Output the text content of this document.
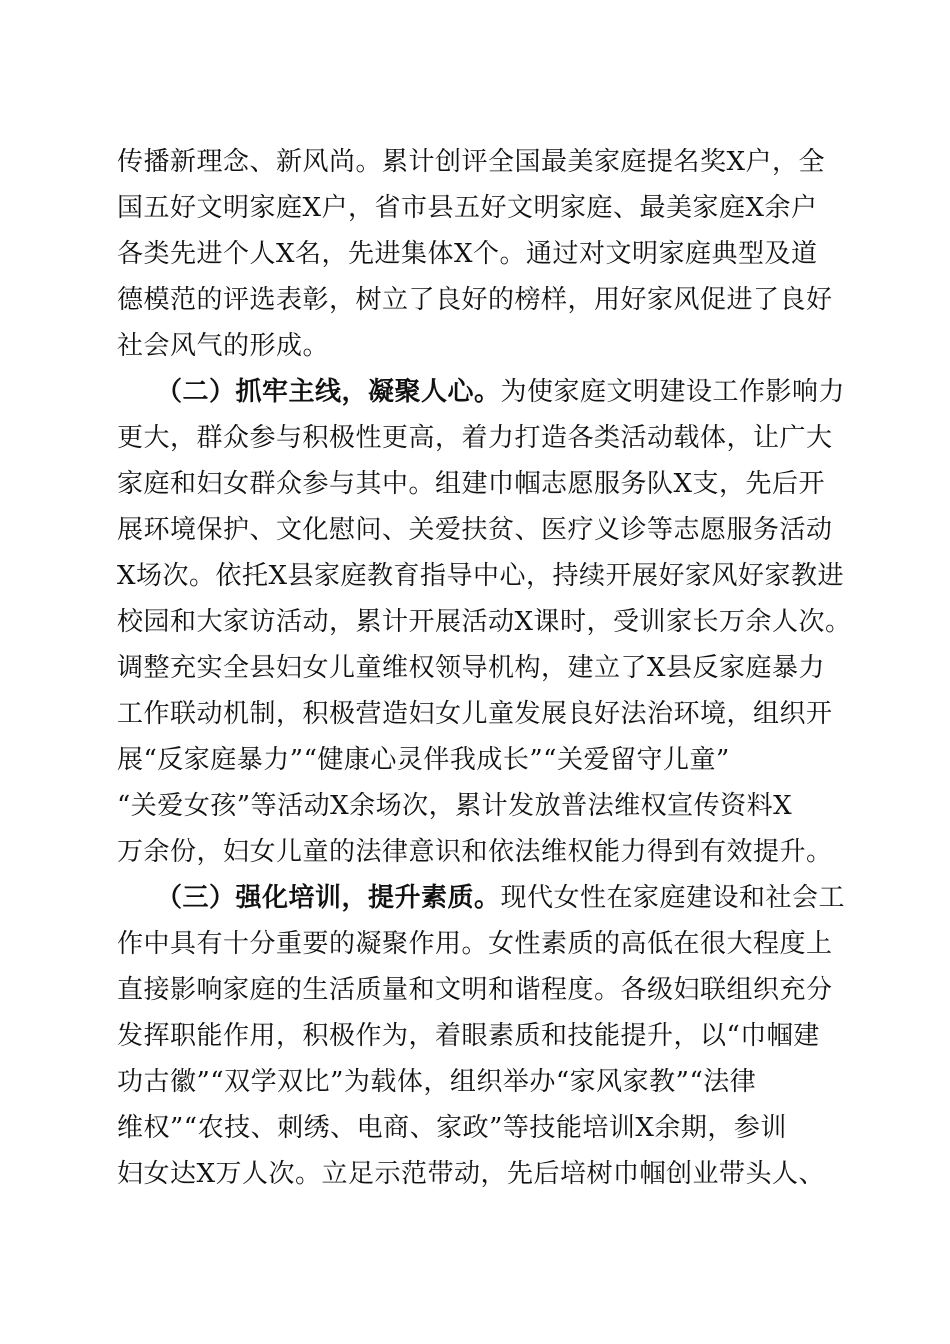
传播新理念、新风尚。累计创评全国最美家庭提名奖Ⅹ户，全
国五好文明家庭Ⅹ户，省市县五好文明家庭、最美家庭Ⅹ余户
各类先进个人Ⅹ名，先进集体Ⅹ个。通过对文明家庭典型及道
德模范的评选表彰，树立了良好的榜样，用好家风促进了良好
社会风气的形成。
（二）抓牢主线，凝聚人心。为使家庭文明建设工作影响力
更大，群众参与积极性更高，着力打造各类活动载体，让广大
家庭和妇女群众参与其中。组建巾帼志愿服务队Ⅹ支，先后开
展环境保护、文化慰问、关爱扶贫、医疗义诊等志愿服务活动
Ⅹ场次。依托Ⅹ县家庭教育指导中心，持续开展好家风好家教进
校园和大家访活动，累计开展活动Ⅹ课时，受训家长万余人次。
调整充实全县妇女儿童维权领导机构，建立了Ⅹ县反家庭暴力
工作联动机制，积极营造妇女儿童发展良好法治环境，组织开
展“反家庭暴力”“健康心灵伴我成长”“关爱留守儿童”
“关爱女孩”等活动Ⅹ余场次，累计发放普法维权宣传资料Ⅹ
万余份，妇女儿童的法律意识和依法维权能力得到有效提升。
（三）强化培训，提升素质。现代女性在家庭建设和社会工
作中具有十分重要的凝聚作用。女性素质的高低在很大程度上
直接影响家庭的生活质量和文明和谐程度。各级妇联组织充分
发挥职能作用，积极作为，着眼素质和技能提升，以“巾帼建
功古徽”“双学双比”为载体，组织举办“家风家教”“法律
维权”“农技、刺绣、电商、家政”等技能培训Ⅹ余期，参训
妇女达Ⅹ万人次。立足示范带动，先后培树巾帼创业带头人、
